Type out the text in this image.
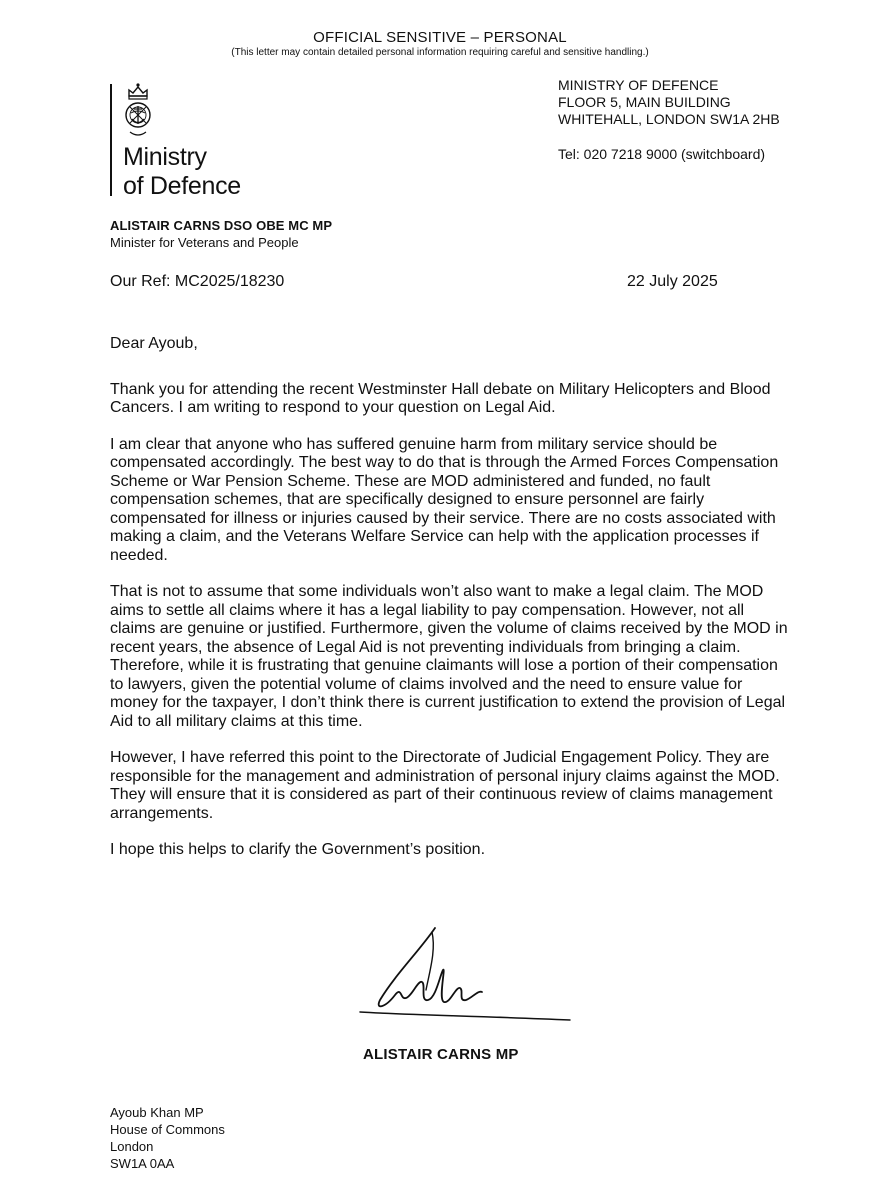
OFFICIAL SENSITIVE – PERSONAL
(This letter may contain detailed personal information requiring careful and sensitive handling.)
Ministry
of Defence
MINISTRY OF DEFENCE
FLOOR 5, MAIN BUILDING
WHITEHALL, LONDON SW1A 2HB
Tel: 020 7218 9000 (switchboard)
ALISTAIR CARNS DSO OBE MC MP
Minister for Veterans and People
Our Ref: MC2025/18230	22 July 2025

Dear Ayoub,

Thank you for attending the recent Westminster Hall debate on Military Helicopters and Blood Cancers. I am writing to respond to your question on Legal Aid.

I am clear that anyone who has suffered genuine harm from military service should be compensated accordingly. The best way to do that is through the Armed Forces Compensation Scheme or War Pension Scheme. These are MOD administered and funded, no fault compensation schemes, that are specifically designed to ensure personnel are fairly compensated for illness or injuries caused by their service. There are no costs associated with making a claim, and the Veterans Welfare Service can help with the application processes if needed.

That is not to assume that some individuals won’t also want to make a legal claim. The MOD aims to settle all claims where it has a legal liability to pay compensation. However, not all claims are genuine or justified. Furthermore, given the volume of claims received by the MOD in recent years, the absence of Legal Aid is not preventing individuals from bringing a claim. Therefore, while it is frustrating that genuine claimants will lose a portion of their compensation to lawyers, given the potential volume of claims involved and the need to ensure value for money for the taxpayer, I don’t think there is current justification to extend the provision of Legal Aid to all military claims at this time.

However, I have referred this point to the Directorate of Judicial Engagement Policy. They are responsible for the management and administration of personal injury claims against the MOD. They will ensure that it is considered as part of their continuous review of claims management arrangements.

I hope this helps to clarify the Government’s position.

ALISTAIR CARNS MP
Ayoub Khan MP
House of Commons
London
SW1A 0AA
